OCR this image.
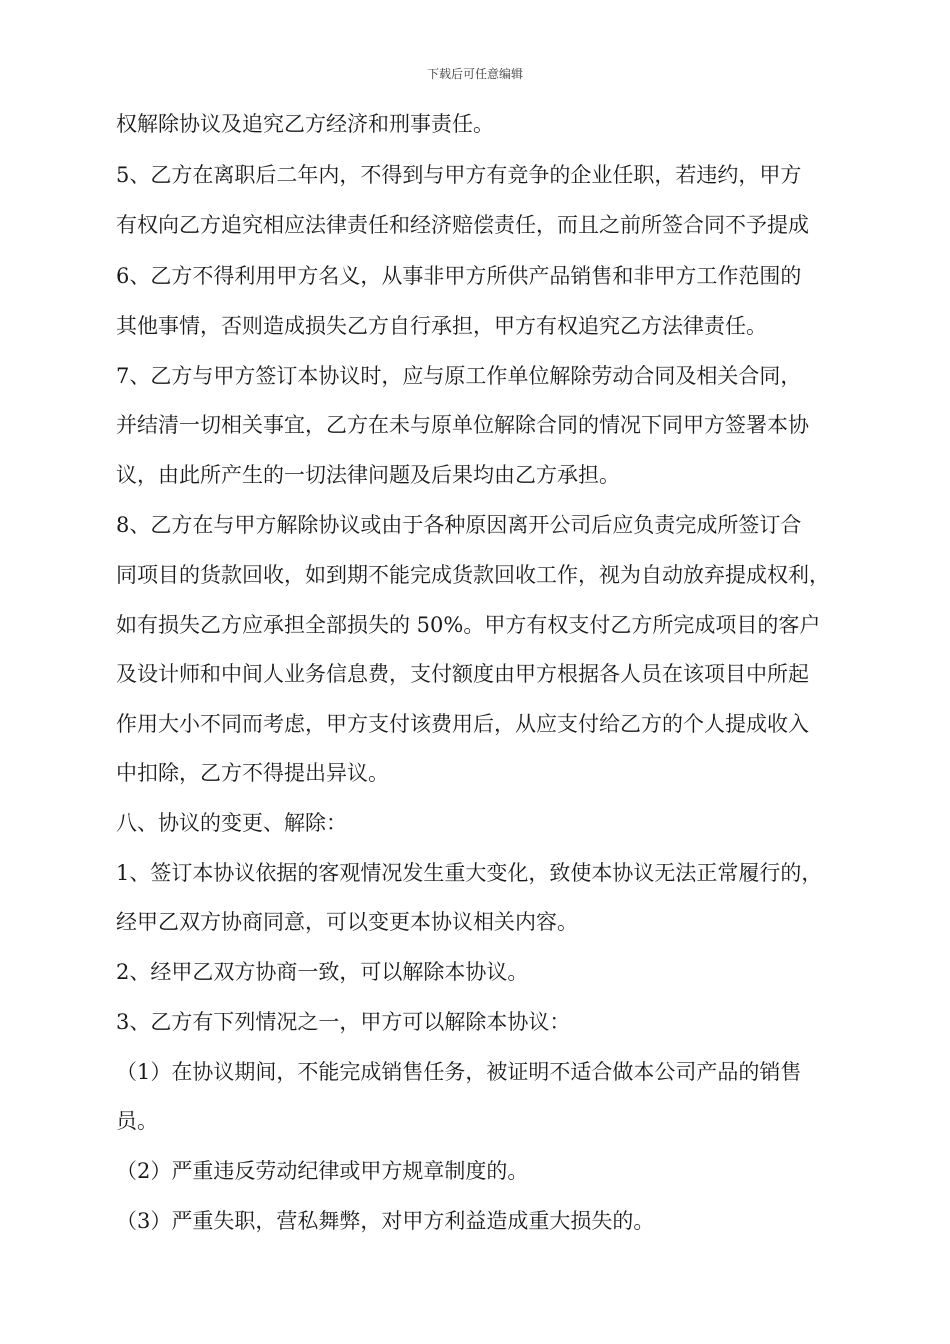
下载后可任意编辑
权解除协议及追究乙方经济和刑事责任。
5、乙方在离职后二年内，不得到与甲方有竞争的企业任职，若违约，甲方
有权向乙方追究相应法律责任和经济赔偿责任，而且之前所签合同不予提成
6、乙方不得利用甲方名义，从事非甲方所供产品销售和非甲方工作范围的
其他事情，否则造成损失乙方自行承担，甲方有权追究乙方法律责任。
7、乙方与甲方签订本协议时，应与原工作单位解除劳动合同及相关合同，
并结清一切相关事宜，乙方在未与原单位解除合同的情况下同甲方签署本协
议，由此所产生的一切法律问题及后果均由乙方承担。
8、乙方在与甲方解除协议或由于各种原因离开公司后应负责完成所签订合
同项目的货款回收，如到期不能完成货款回收工作，视为自动放弃提成权利，
如有损失乙方应承担全部损失的 50%。甲方有权支付乙方所完成项目的客户
及设计师和中间人业务信息费，支付额度由甲方根据各人员在该项目中所起
作用大小不同而考虑，甲方支付该费用后，从应支付给乙方的个人提成收入
中扣除，乙方不得提出异议。
八、协议的变更、解除：
1、签订本协议依据的客观情况发生重大变化，致使本协议无法正常履行的，
经甲乙双方协商同意，可以变更本协议相关内容。
2、经甲乙双方协商一致，可以解除本协议。
3、乙方有下列情况之一，甲方可以解除本协议：
（1）在协议期间，不能完成销售任务，被证明不适合做本公司产品的销售
员。
（2）严重违反劳动纪律或甲方规章制度的。
（3）严重失职，营私舞弊，对甲方利益造成重大损失的。
